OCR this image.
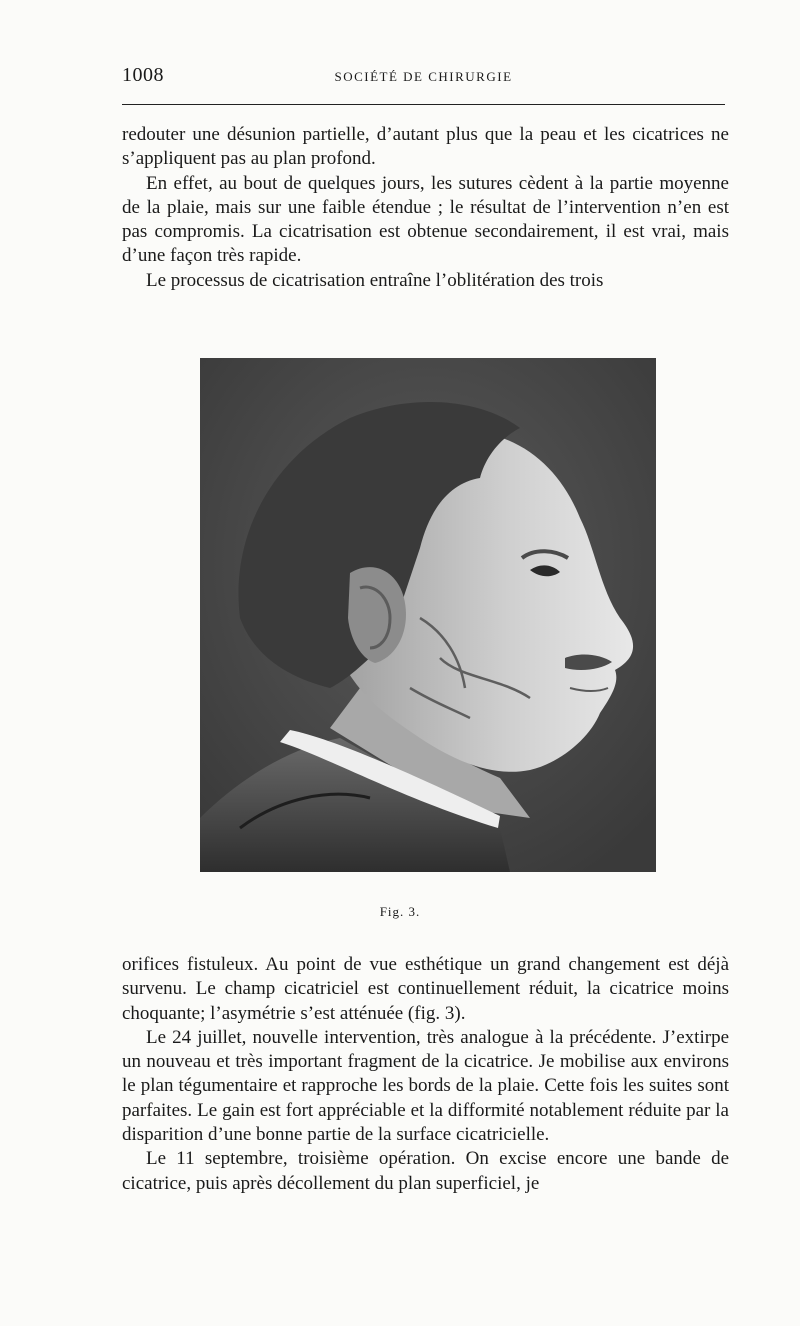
1008	SOCIÉTÉ DE CHIRURGIE

redouter une désunion partielle, d’autant plus que la peau et les cicatrices ne s’appliquent pas au plan profond.

En effet, au bout de quelques jours, les sutures cèdent à la partie moyenne de la plaie, mais sur une faible étendue ; le résultat de l’intervention n’en est pas compromis. La cicatrisation est obtenue secondairement, il est vrai, mais d’une façon très rapide.

Le processus de cicatrisation entraîne l’oblitération des trois

Fig. 3.

orifices fistuleux. Au point de vue esthétique un grand changement est déjà survenu. Le champ cicatriciel est continuellement réduit, la cicatrice moins choquante; l’asymétrie s’est atténuée (fig. 3).

Le 24 juillet, nouvelle intervention, très analogue à la précédente. J’extirpe un nouveau et très important fragment de la cicatrice. Je mobilise aux environs le plan tégumentaire et rapproche les bords de la plaie. Cette fois les suites sont parfaites. Le gain est fort appréciable et la difformité notablement réduite par la disparition d’une bonne partie de la surface cicatricielle.

Le 11 septembre, troisième opération. On excise encore une bande de cicatrice, puis après décollement du plan superficiel, je
